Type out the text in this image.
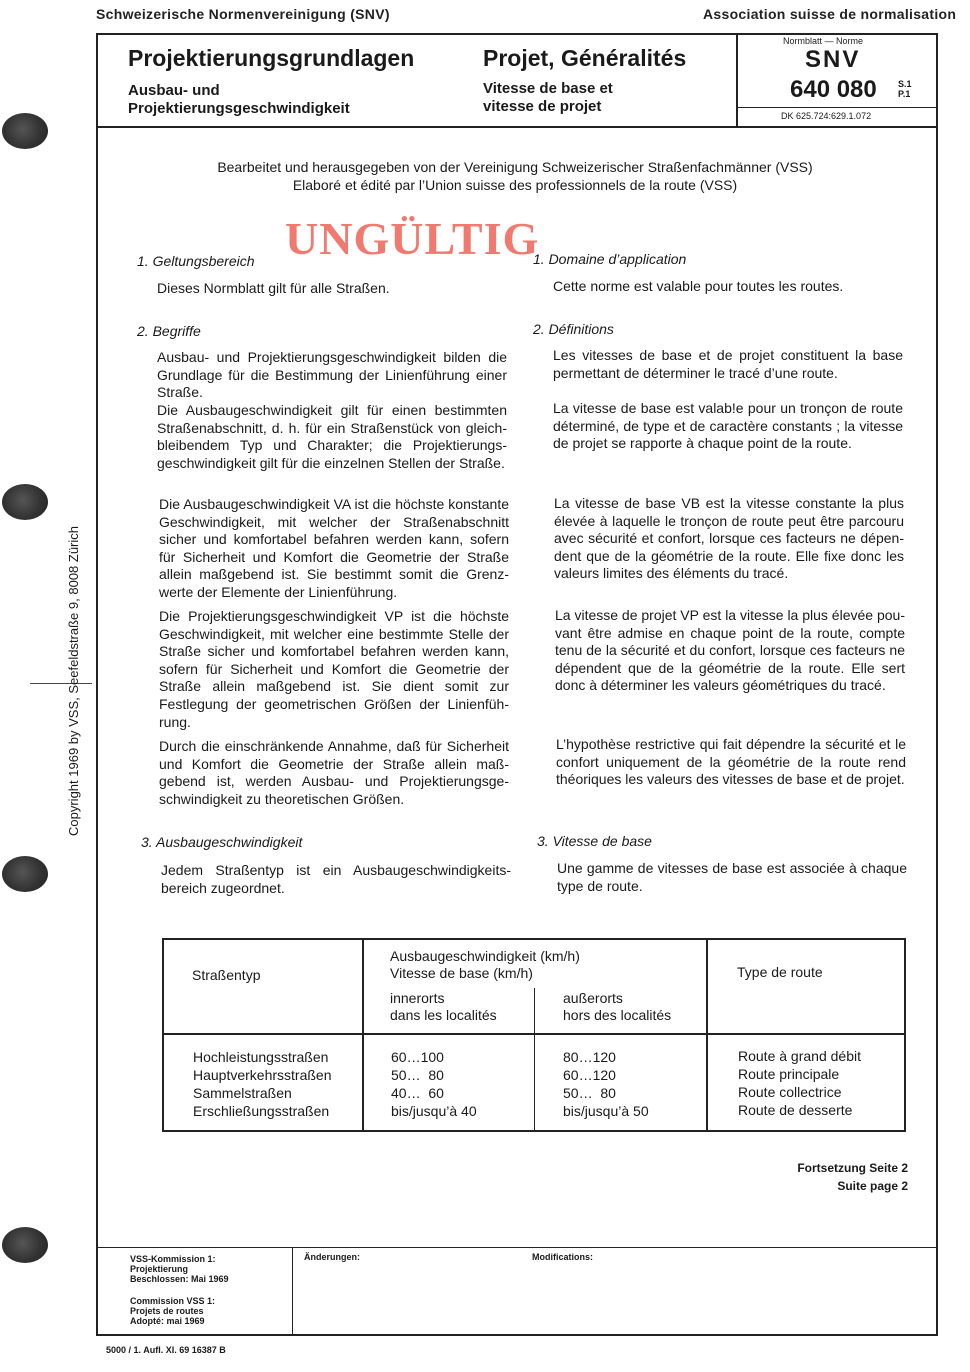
Schweizerische Normenvereinigung (SNV)	Association suisse de normalisation
Copyright 1969 by VSS, Seefeldstraße 9, 8008 Zürich
Projektierungsgrundlagen
Ausbau- und
Projektierungsgeschwindigkeit
Projet, Généralités
Vitesse de base et
vitesse de projet
Normblatt — Norme
SNV
640 080 S.1
P.1
DK 625.724:629.1.072
Bearbeitet und herausgegeben von der Vereinigung Schweizerischer Straßenfachmänner (VSS)
Elaboré et édité par l’Union suisse des professionnels de la route (VSS)
UNGÜLTIG
1. Geltungsbereich
Dieses Normblatt gilt für alle Straßen.
2. Begriffe
Ausbau- und Projektierungsgeschwindigkeit bilden die Grundlage für die Bestimmung der Linienführung einer Straße.
Die Ausbaugeschwindigkeit gilt für einen bestimmten Straßenabschnitt, d. h. für ein Straßenstück von gleichbleibendem Typ und Charakter; die Projektierungsgeschwindigkeit gilt für die einzelnen Stellen der Straße.
Die Ausbaugeschwindigkeit VA ist die höchste konstante Geschwindigkeit, mit welcher der Straßenabschnitt sicher und komfortabel befahren werden kann, sofern für Sicherheit und Komfort die Geometrie der Straße allein maßgebend ist. Sie bestimmt somit die Grenzwerte der Elemente der Linienführung.
Die Projektierungsgeschwindigkeit VP ist die höchste Geschwindigkeit, mit welcher eine bestimmte Stelle der Straße sicher und komfortabel befahren werden kann, sofern für Sicherheit und Komfort die Geometrie der Straße allein maßgebend ist. Sie dient somit zur Festlegung der geometrischen Größen der Linienführung.
Durch die einschränkende Annahme, daß für Sicherheit und Komfort die Geometrie der Straße allein maßgebend ist, werden Ausbau- und Projektierungsgeschwindigkeit zu theoretischen Größen.
3. Ausbaugeschwindigkeit
Jedem Straßentyp ist ein Ausbaugeschwindigkeitsbereich zugeordnet.
1. Domaine d’application
Cette norme est valable pour toutes les routes.
2. Définitions
Les vitesses de base et de projet constituent la base permettant de déterminer le tracé d’une route.
La vitesse de base est valab!e pour un tronçon de route déterminé, de type et de caractère constants ; la vitesse de projet se rapporte à chaque point de la route.
La vitesse de base VB est la vitesse constante la plus élevée à laquelle le tronçon de route peut être parcouru avec sécurité et confort, lorsque ces facteurs ne dépendent que de la géométrie de la route. Elle fixe donc les valeurs limites des éléments du tracé.
La vitesse de projet VP est la vitesse la plus élevée pouvant être admise en chaque point de la route, compte tenu de la sécurité et du confort, lorsque ces facteurs ne dépendent que de la géométrie de la route. Elle sert donc à déterminer les valeurs géométriques du tracé.
L’hypothèse restrictive qui fait dépendre la sécurité et le confort uniquement de la géométrie de la route rend théoriques les valeurs des vitesses de base et de projet.
3. Vitesse de base
Une gamme de vitesses de base est associée à chaque type de route.
Straßentyp
Ausbaugeschwindigkeit (km/h)
Vitesse de base (km/h)
innerorts
dans les localités
außerorts
hors des localités
Type de route
Hochleistungsstraßen
Hauptverkehrsstraßen
Sammelstraßen
Erschließungsstraßen
60…100
50…  80
40…  60
bis/jusqu’à 40
80…120
60…120
50…  80
bis/jusqu’à 50
Route à grand débit
Route principale
Route collectrice
Route de desserte
Fortsetzung Seite 2
Suite page 2
VSS-Kommission 1:
Projektierung
Beschlossen: Mai 1969
Commission VSS 1:
Projets de routes
Adopté: mai 1969
Änderungen:	Modifications:
5000 / 1. Aufl. XI. 69 16387 B
